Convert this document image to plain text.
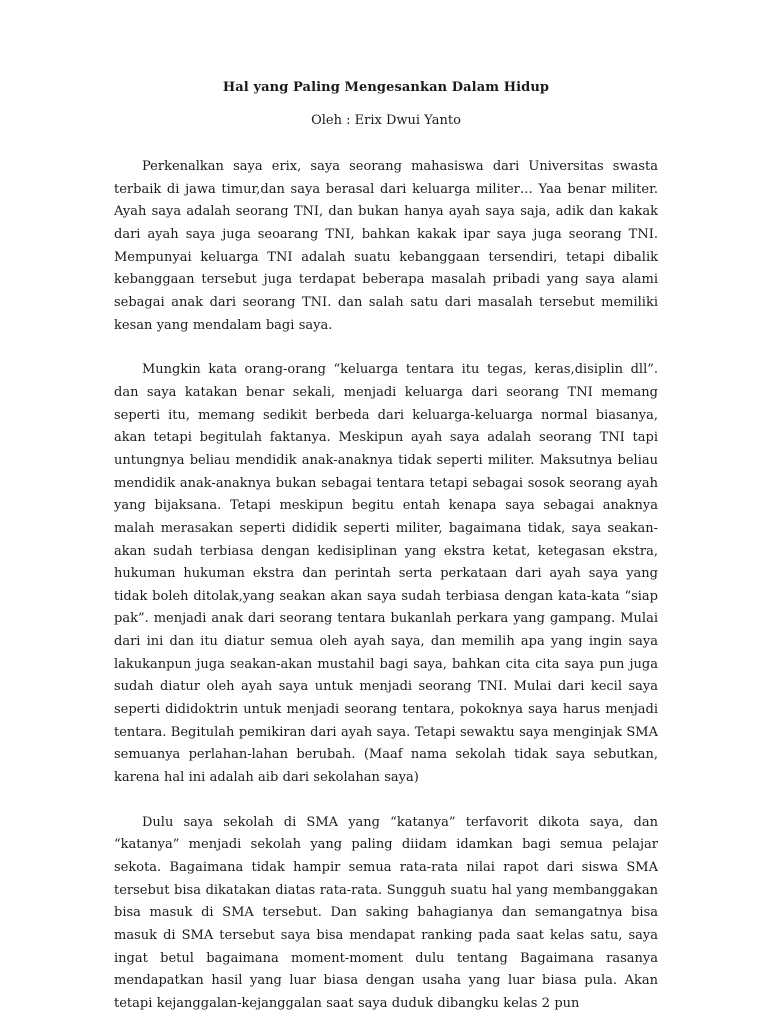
Hal yang Paling Mengesankan Dalam Hidup
Oleh : Erix Dwui Yanto

Perkenalkan saya erix, saya seorang mahasiswa dari Universitas swasta terbaik di jawa timur,dan saya berasal dari keluarga militer… Yaa benar militer. Ayah saya adalah seorang TNI, dan bukan hanya ayah saya saja, adik dan kakak dari ayah saya juga seoarang TNI, bahkan kakak ipar saya juga seorang TNI. Mempunyai keluarga TNI adalah suatu kebanggaan tersendiri, tetapi dibalik kebanggaan tersebut juga terdapat beberapa masalah pribadi yang saya alami sebagai anak dari seorang TNI. dan salah satu dari masalah tersebut memiliki kesan yang mendalam bagi saya.

Mungkin kata orang-orang “keluarga tentara itu tegas, keras,disiplin dll”. dan saya katakan benar sekali, menjadi keluarga dari seorang TNI memang seperti itu, memang sedikit berbeda dari keluarga-keluarga normal biasanya, akan tetapi begitulah faktanya. Meskipun ayah saya adalah seorang TNI tapi untungnya beliau mendidik anak-anaknya tidak seperti militer. Maksutnya beliau mendidik anak-anaknya bukan sebagai tentara tetapi sebagai sosok seorang ayah yang bijaksana. Tetapi meskipun begitu entah kenapa saya sebagai anaknya malah merasakan seperti dididik seperti militer, bagaimana tidak, saya seakan-akan sudah terbiasa dengan kedisiplinan yang ekstra ketat, ketegasan ekstra, hukuman hukuman ekstra dan perintah serta perkataan dari ayah saya yang tidak boleh ditolak,yang seakan akan saya sudah terbiasa dengan kata-kata “siap pak”. menjadi anak dari seorang tentara bukanlah perkara yang gampang. Mulai dari ini dan itu diatur semua oleh ayah saya, dan memilih apa yang ingin saya lakukanpun juga seakan-akan mustahil bagi saya, bahkan cita cita saya pun juga sudah diatur oleh ayah saya untuk menjadi seorang TNI. Mulai dari kecil saya seperti dididoktrin untuk menjadi seorang tentara, pokoknya saya harus menjadi tentara. Begitulah pemikiran dari ayah saya. Tetapi sewaktu saya menginjak SMA semuanya perlahan-lahan berubah. (Maaf nama sekolah tidak saya sebutkan, karena hal ini adalah aib dari sekolahan saya)

Dulu saya sekolah di SMA yang “katanya” terfavorit dikota saya, dan “katanya” menjadi sekolah yang paling diidam idamkan bagi semua pelajar sekota. Bagaimana tidak hampir semua rata-rata nilai rapot dari siswa SMA tersebut bisa dikatakan diatas rata-rata. Sungguh suatu hal yang membanggakan bisa masuk di SMA tersebut. Dan saking bahagianya dan semangatnya bisa masuk di SMA tersebut saya bisa mendapat ranking pada saat kelas satu, saya ingat betul bagaimana moment-moment dulu tentang Bagaimana rasanya mendapatkan hasil yang luar biasa dengan usaha yang luar biasa pula. Akan tetapi kejanggalan-kejanggalan saat saya duduk dibangku kelas 2 pun
